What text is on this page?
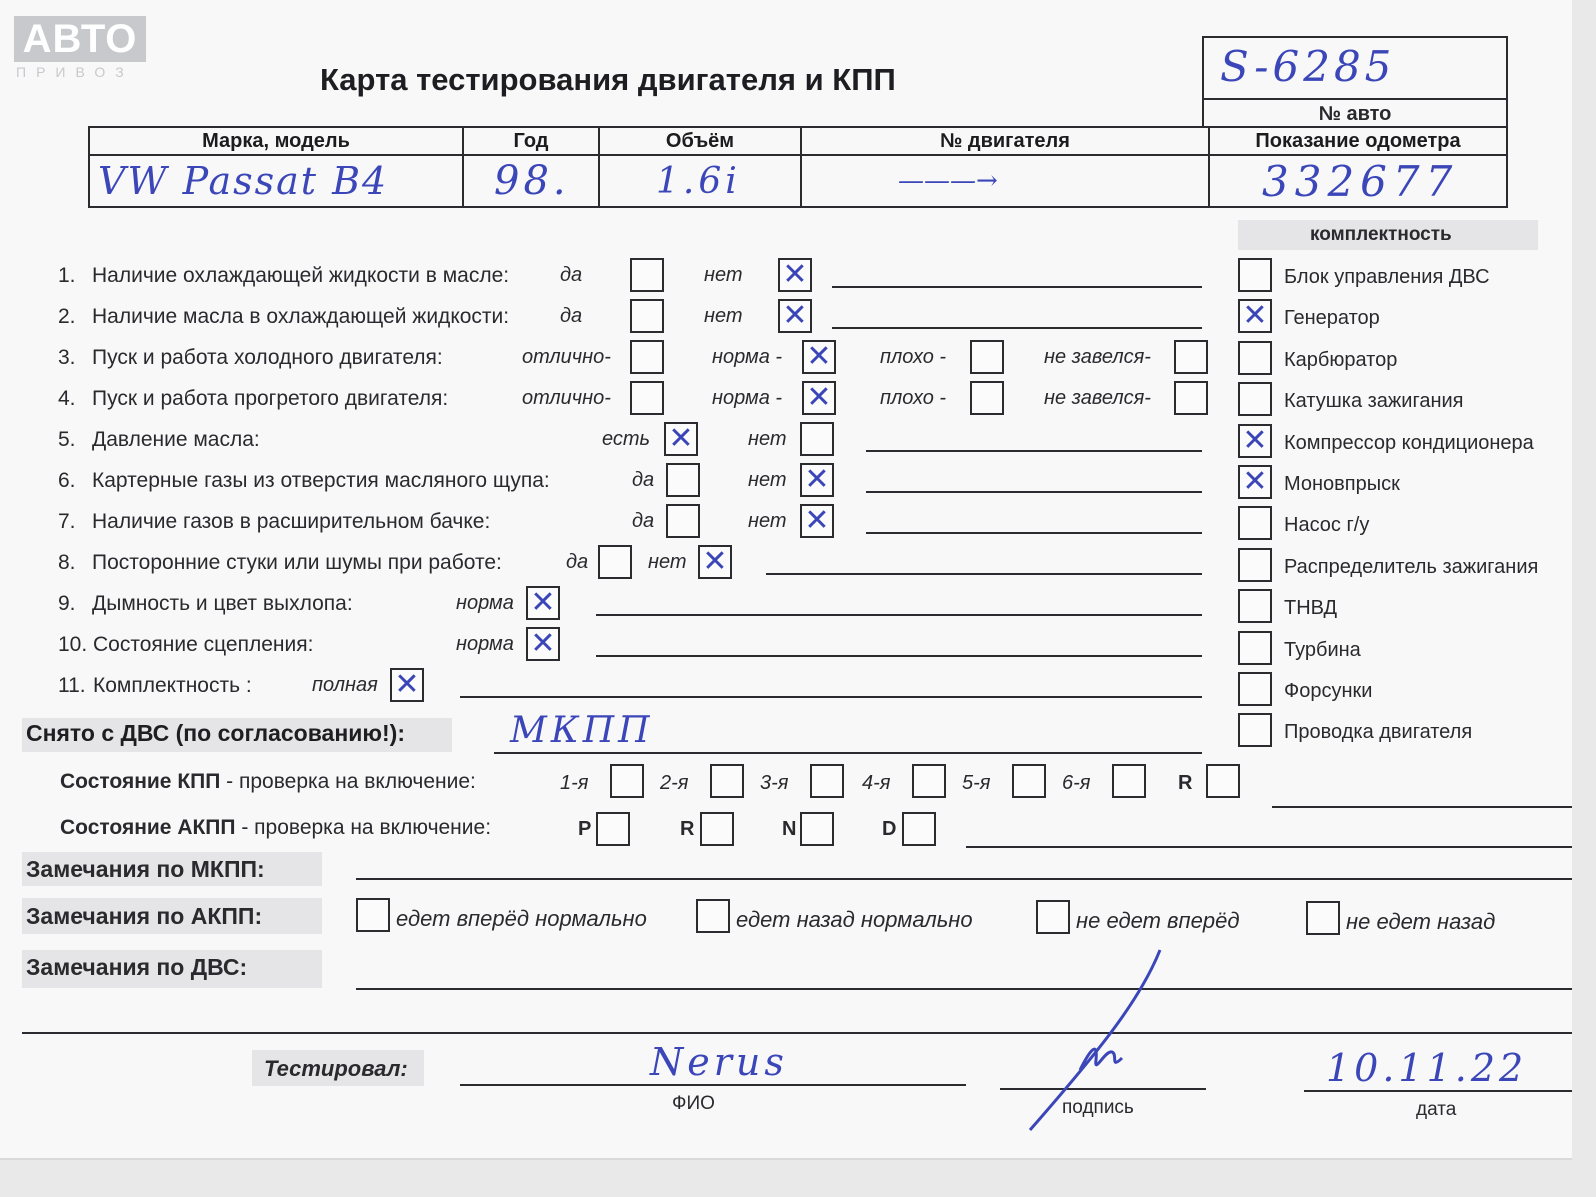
АВТО
ПРИВОЗ	Карта тестирования двигателя и КПП	S-6285
№ авто
Марка, модель	Год	Объём	№ двигателя	Показание одометра
VW Passat B4	98.	1.6i	———→	332677
комплектность
Снято с ДВС (по согласованию!):	МКПП
Состояние КПП - проверка на включение:
Состояние АКПП - проверка на включение:
Замечания по МКПП:
Замечания по АКПП:
Замечания по ДВС:
Тестировал:	Nerus
ФИО	подпись
10.11.22
дата
1. Наличие охлаждающей жидкости в масле:	да	нет ✕
2. Наличие масла в охлаждающей жидкости:	да	нет ✕
3. Пуск и работа холодного двигателя:	отлично-	норма - ✕ плохо -	не завелся-
4. Пуск и работа прогретого двигателя:	отлично-	норма - ✕ плохо -	не завелся-
5. Давление масла:	есть ✕	нет
6. Картерные газы из отверстия масляного щупа:	да	нет ✕
7. Наличие газов в расширительном бачке:	да	нет ✕
8. Посторонние стуки или шумы при работе:	да	нет ✕
9. Дымность и цвет выхлопа:	норма ✕
10. Состояние сцепления:	норма ✕
11. Комплектность :	полная ✕
Блок управления ДВС
✕ Генератор
Карбюратор
Катушка зажигания
✕ Компрессор кондиционера
✕ Моновпрыск
Насос г/у
Распределитель зажигания
ТНВД
Турбина
Форсунки
Проводка двигателя
1-я	2-я	3-я	4-я	5-я	6-я	R
P	R	N	D
едет вперёд нормально	едет назад нормально	не едет вперёд	не едет назад
